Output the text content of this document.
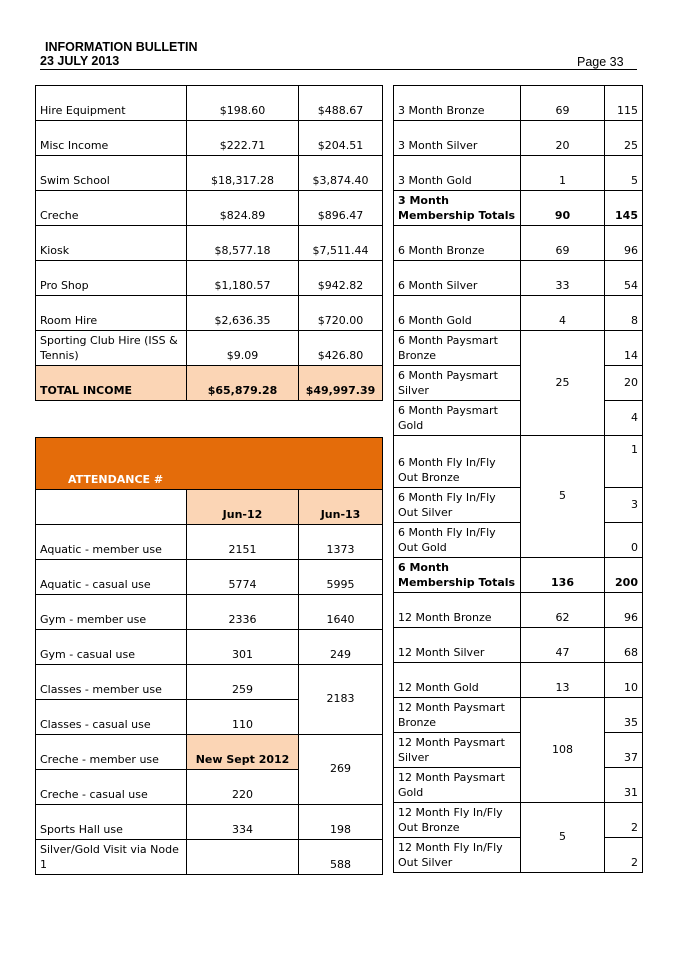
INFORMATION BULLETIN
23 JULY 2013	Page 33
Hire Equipment	$198.60	$488.67
Misc Income	$222.71	$204.51
Swim School	$18,317.28	$3,874.40
Creche	$824.89	$896.47
Kiosk	$8,577.18	$7,511.44
Pro Shop	$1,180.57	$942.82
Room Hire	$2,636.35	$720.00
Sporting Club Hire (ISS & Tennis)	$9.09	$426.80
TOTAL INCOME	$65,879.28	$49,997.39
ATTENDANCE #		
	Jun-12	Jun-13
Aquatic - member use	2151	1373
Aquatic - casual use	5774	5995
Gym - member use	2336	1640
Gym - casual use	301	249
Classes - member use	259	2183
Classes - casual use	110	
Creche - member use	New Sept 2012	269
Creche - casual use	220	
Sports Hall use	334	198
Silver/Gold Visit via Node 1		588
3 Month Bronze	69	115
3 Month Silver	20	25
3 Month Gold	1	5
3 Month Membership Totals	90	145
6 Month Bronze	69	96
6 Month Silver	33	54
6 Month Gold	4	8
6 Month Paysmart Bronze	25	14
6 Month Paysmart Silver		20
6 Month Paysmart Gold		4
6 Month Fly In/Fly Out Bronze	5	1
6 Month Fly In/Fly Out Silver		3
6 Month Fly In/Fly Out Gold		0
6 Month Membership Totals	136	200
12 Month Bronze	62	96
12 Month Silver	47	68
12 Month Gold	13	10
12 Month Paysmart Bronze	108	35
12 Month Paysmart Silver		37
12 Month Paysmart Gold		31
12 Month Fly In/Fly Out Bronze	5	2
12 Month Fly In/Fly Out Silver		2
